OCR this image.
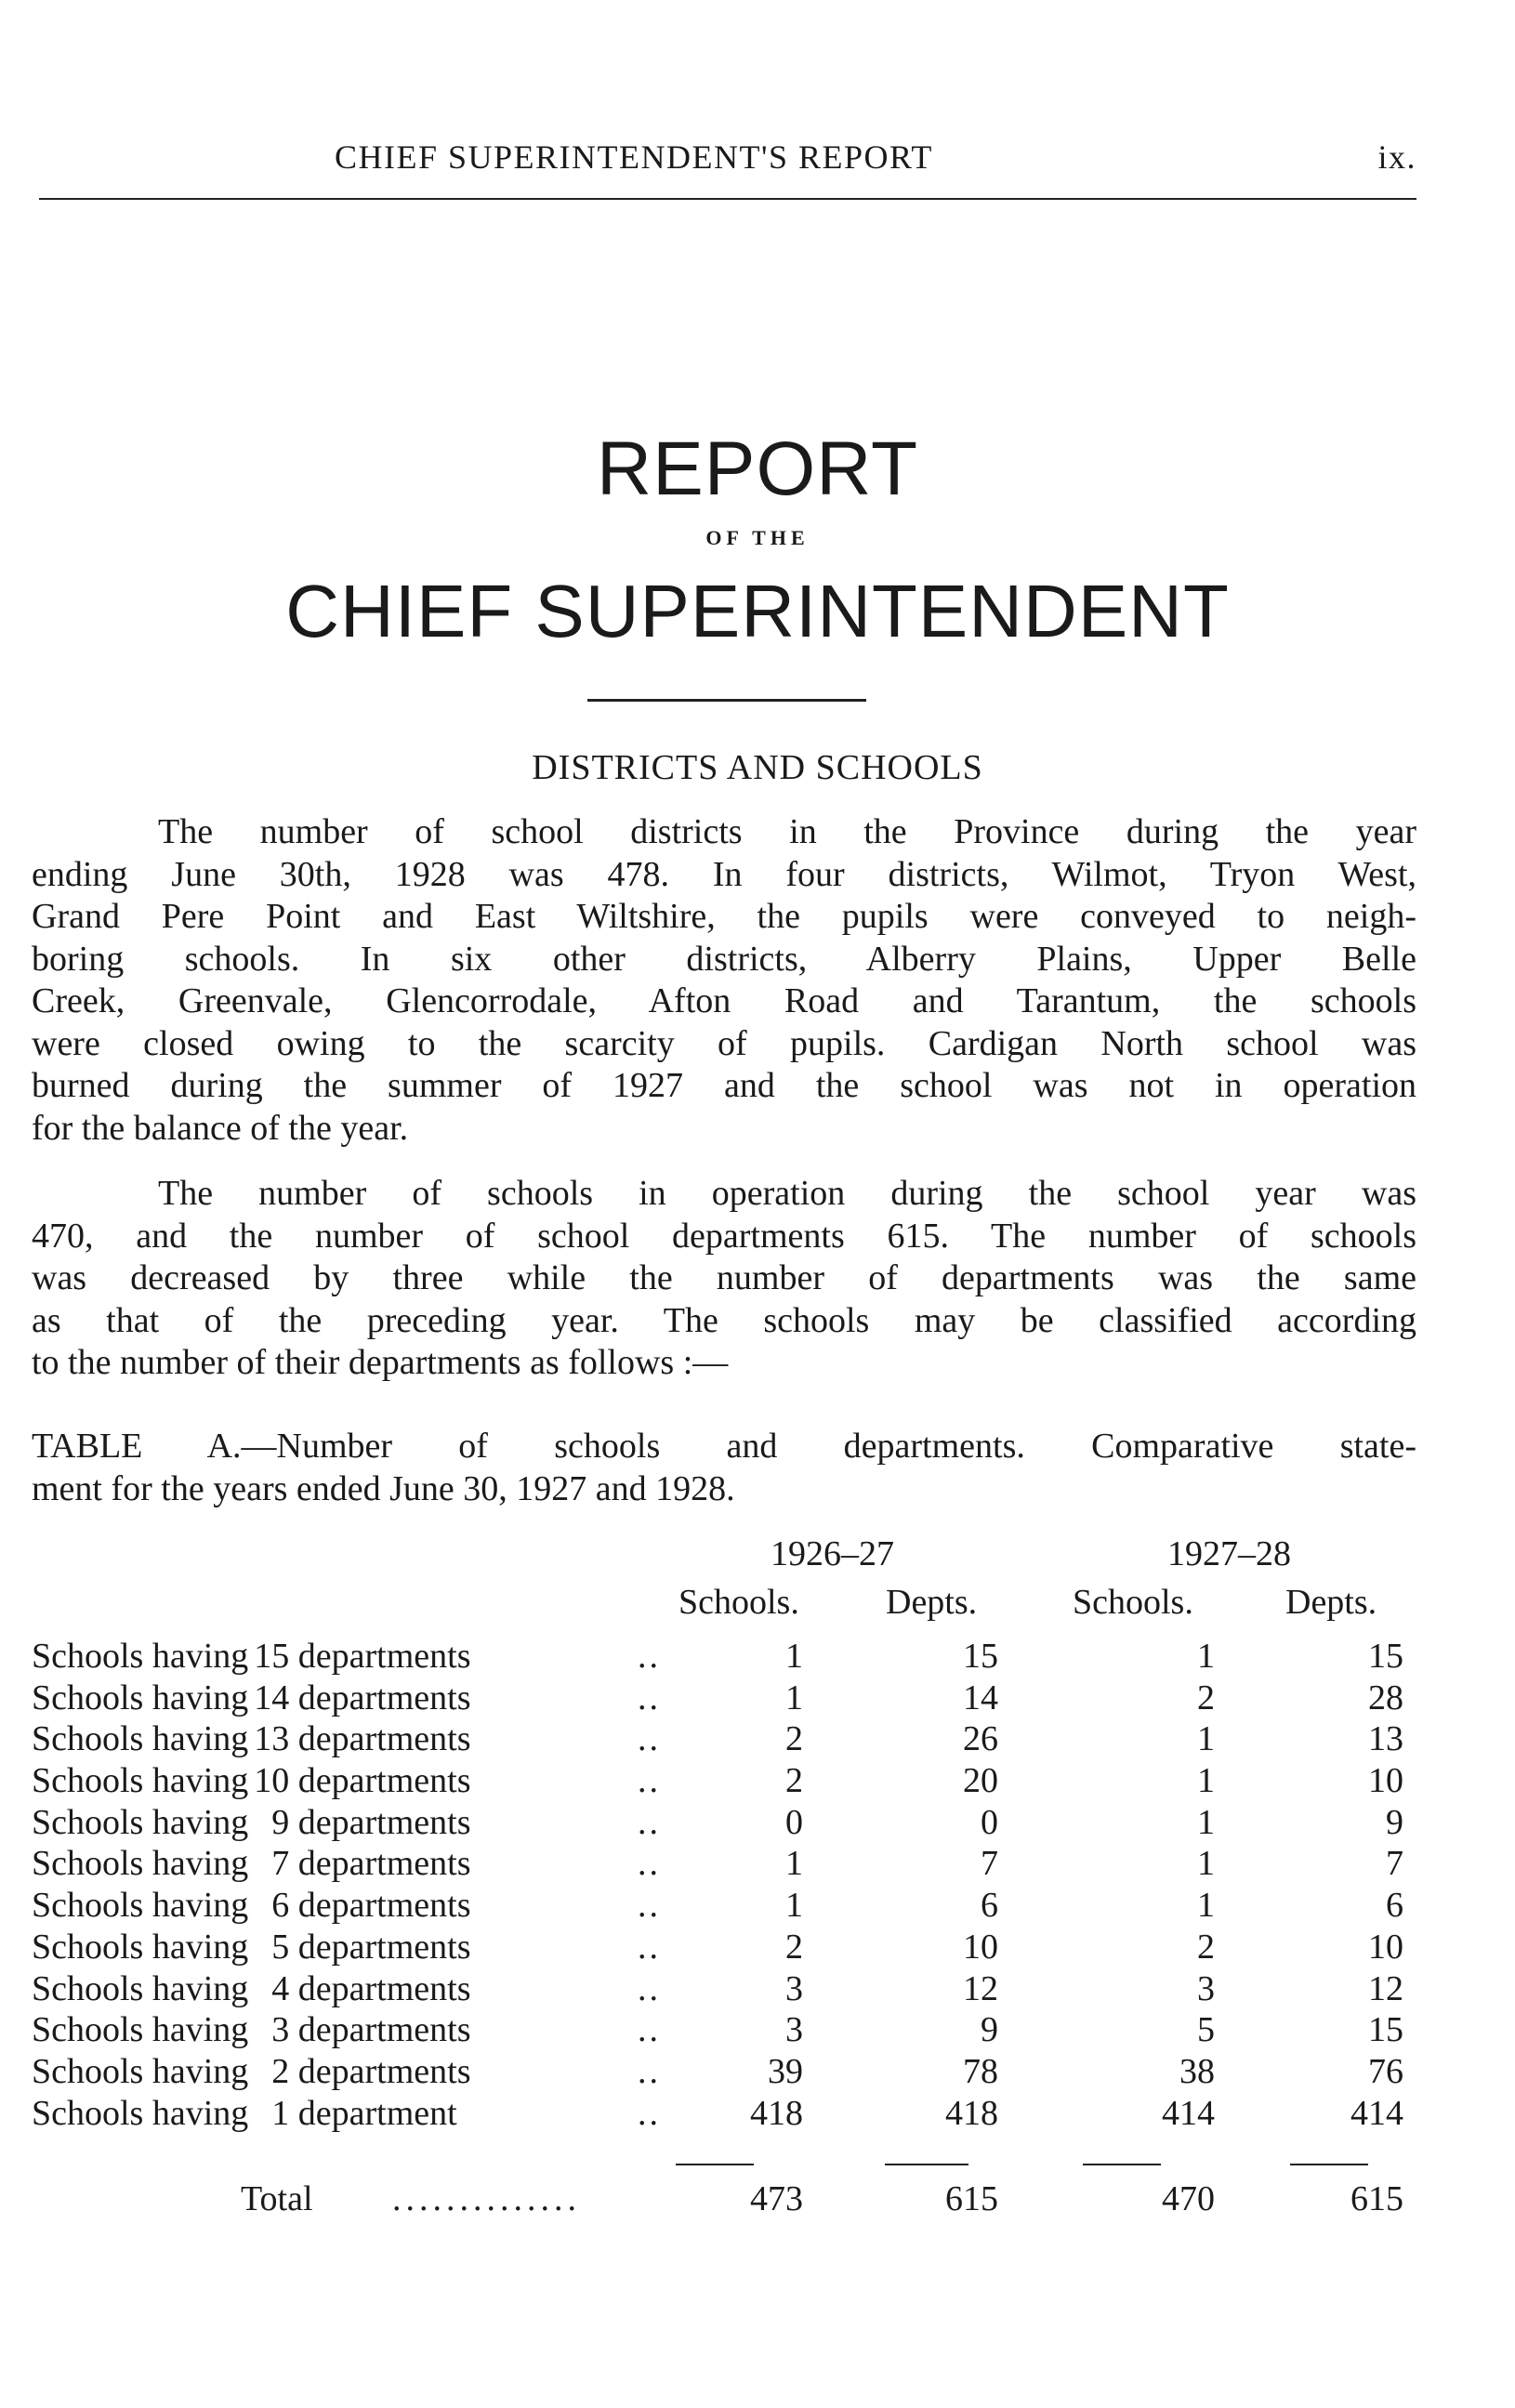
CHIEF SUPERINTENDENT'S REPORT	ix.
REPORT
OF THE
CHIEF SUPERINTENDENT
DISTRICTS AND SCHOOLS
The number of school districts in the Province during the year
ending June 30th, 1928 was 478. In four districts, Wilmot, Tryon West,
Grand Pere Point and East Wiltshire, the pupils were conveyed to neigh-
boring schools. In six other districts, Alberry Plains, Upper Belle
Creek, Greenvale, Glencorrodale, Afton Road and Tarantum, the schools
were closed owing to the scarcity of pupils. Cardigan North school was
burned during the summer of 1927 and the school was not in operation
for the balance of the year.
The number of schools in operation during the school year was
470, and the number of school departments 615. The number of schools
was decreased by three while the number of departments was the same
as that of the preceding year. The schools may be classified according
to the number of their departments as follows :—
TABLE A.—Number of schools and departments. Comparative state-
ment for the years ended June 30, 1927 and 1928.
1926–27	1927–28
Schools. Depts.	Schools.	Depts.
Schools having 15 departments	..	1	15	1	15
Schools having 14 departments	..	1	14	2	28
Schools having 13 departments	..	2	26	1	13
Schools having 10 departments	..	2	20	1	10
Schools having 9 departments	..	0	0	1	9
Schools having 7 departments	..	1	7	1	7
Schools having 6 departments	..	1	6	1	6
Schools having 5 departments	..	2	10	2	10
Schools having 4 departments	..	3	12	3	12
Schools having 3 departments	..	3	9	5	15
Schools having 2 departments	..	39	78	38	76
Schools having 1 department	..	418	418	414	414
Total ..............	473	615	470	615
